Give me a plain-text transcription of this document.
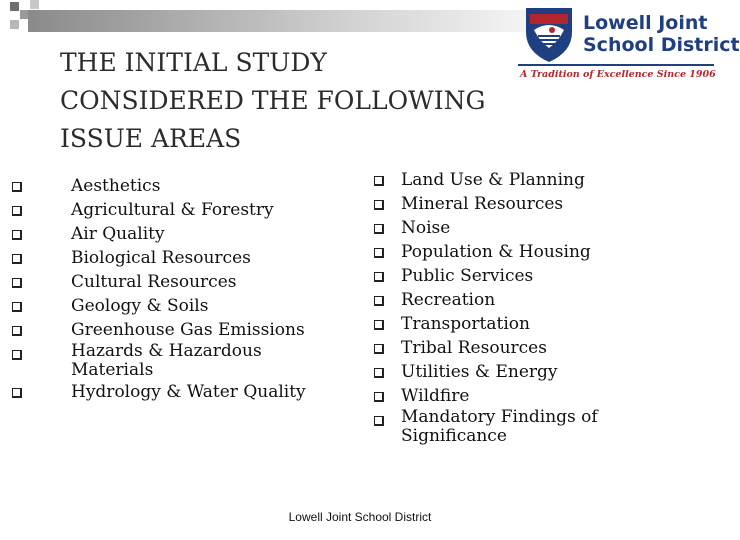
Lowell Joint
School District
A Tradition of Excellence Since 1906
THE INITIAL STUDY
CONSIDERED THE FOLLOWING
ISSUE AREAS
Aesthetics
Agricultural & Forestry
Air Quality
Biological Resources
Cultural Resources
Geology & Soils
Greenhouse Gas Emissions
Hazards & Hazardous Materials
Hydrology & Water Quality
Land Use & Planning
Mineral Resources
Noise
Population & Housing
Public Services
Recreation
Transportation
Tribal Resources
Utilities & Energy
Wildfire
Mandatory Findings of Significance
Lowell Joint School District
